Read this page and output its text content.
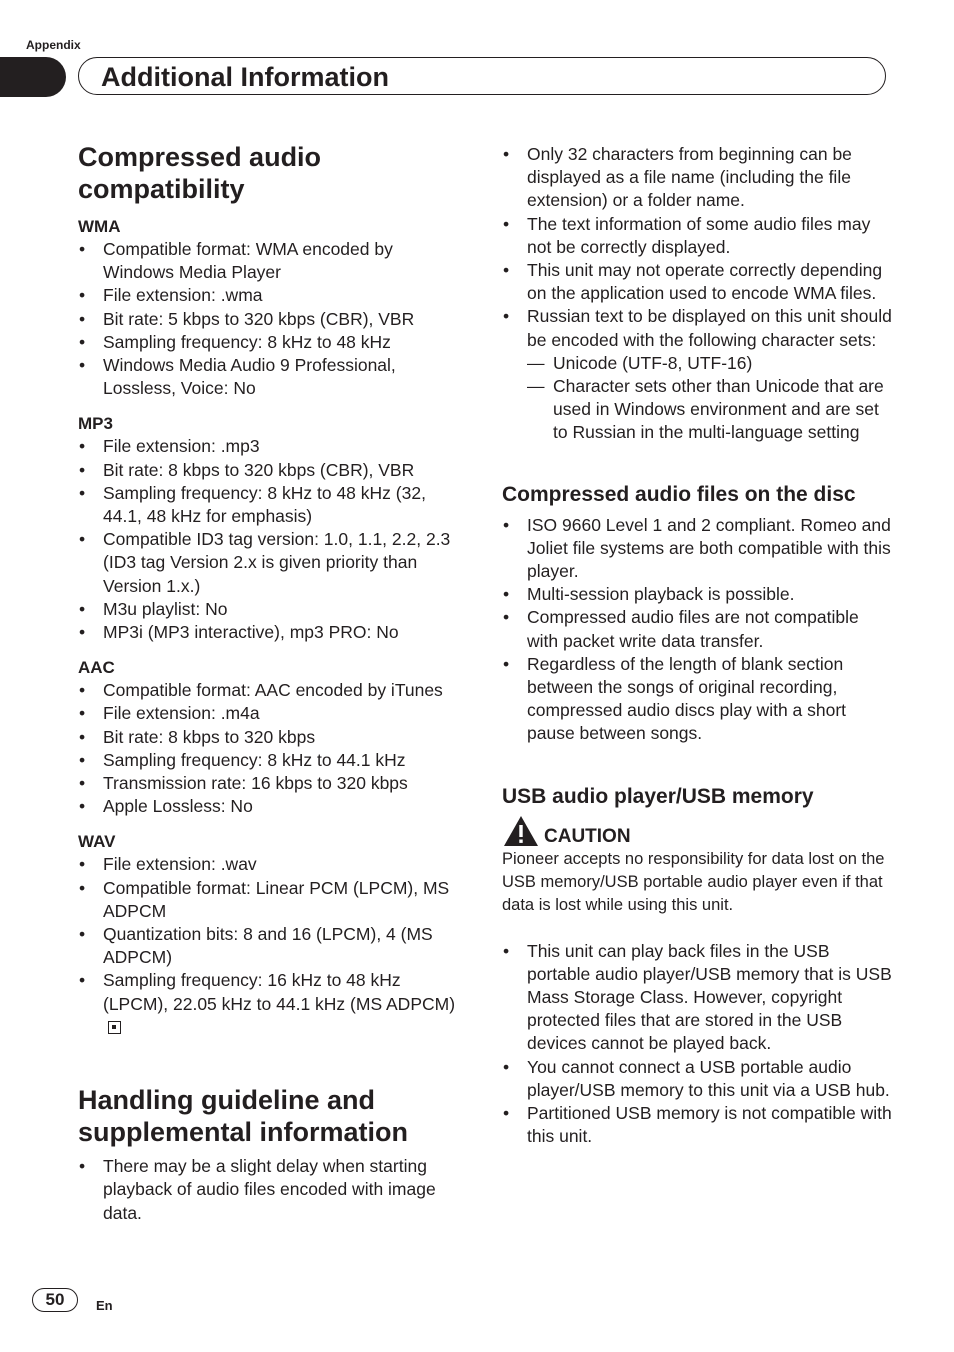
Appendix
Additional Information
Compressed audio compatibility
WMA
• Compatible format: WMA encoded by Windows Media Player
• File extension: .wma
• Bit rate: 5 kbps to 320 kbps (CBR), VBR
• Sampling frequency: 8 kHz to 48 kHz
• Windows Media Audio 9 Professional, Lossless, Voice: No
MP3
• File extension: .mp3
• Bit rate: 8 kbps to 320 kbps (CBR), VBR
• Sampling frequency: 8 kHz to 48 kHz (32, 44.1, 48 kHz for emphasis)
• Compatible ID3 tag version: 1.0, 1.1, 2.2, 2.3 (ID3 tag Version 2.x is given priority than Version 1.x.)
• M3u playlist: No
• MP3i (MP3 interactive), mp3 PRO: No
AAC
• Compatible format: AAC encoded by iTunes
• File extension: .m4a
• Bit rate: 8 kbps to 320 kbps
• Sampling frequency: 8 kHz to 44.1 kHz
• Transmission rate: 16 kbps to 320 kbps
• Apple Lossless: No
WAV
• File extension: .wav
• Compatible format: Linear PCM (LPCM), MS ADPCM
• Quantization bits: 8 and 16 (LPCM), 4 (MS ADPCM)
• Sampling frequency: 16 kHz to 48 kHz (LPCM), 22.05 kHz to 44.1 kHz (MS ADPCM)
Handling guideline and supplemental information
• There may be a slight delay when starting playback of audio files encoded with image data.
• Only 32 characters from beginning can be displayed as a file name (including the file extension) or a folder name.
• The text information of some audio files may not be correctly displayed.
• This unit may not operate correctly depending on the application used to encode WMA files.
• Russian text to be displayed on this unit should be encoded with the following character sets:
— Unicode (UTF-8, UTF-16)
— Character sets other than Unicode that are used in Windows environment and are set to Russian in the multi-language setting
Compressed audio files on the disc
• ISO 9660 Level 1 and 2 compliant. Romeo and Joliet file systems are both compatible with this player.
• Multi-session playback is possible.
• Compressed audio files are not compatible with packet write data transfer.
• Regardless of the length of blank section between the songs of original recording, compressed audio discs play with a short pause between songs.
USB audio player/USB memory
CAUTION

Pioneer accepts no responsibility for data lost on the USB memory/USB portable audio player even if that data is lost while using this unit.

• This unit can play back files in the USB portable audio player/USB memory that is USB Mass Storage Class. However, copyright protected files that are stored in the USB devices cannot be played back.
• You cannot connect a USB portable audio player/USB memory to this unit via a USB hub.
• Partitioned USB memory is not compatible with this unit.
50	En
